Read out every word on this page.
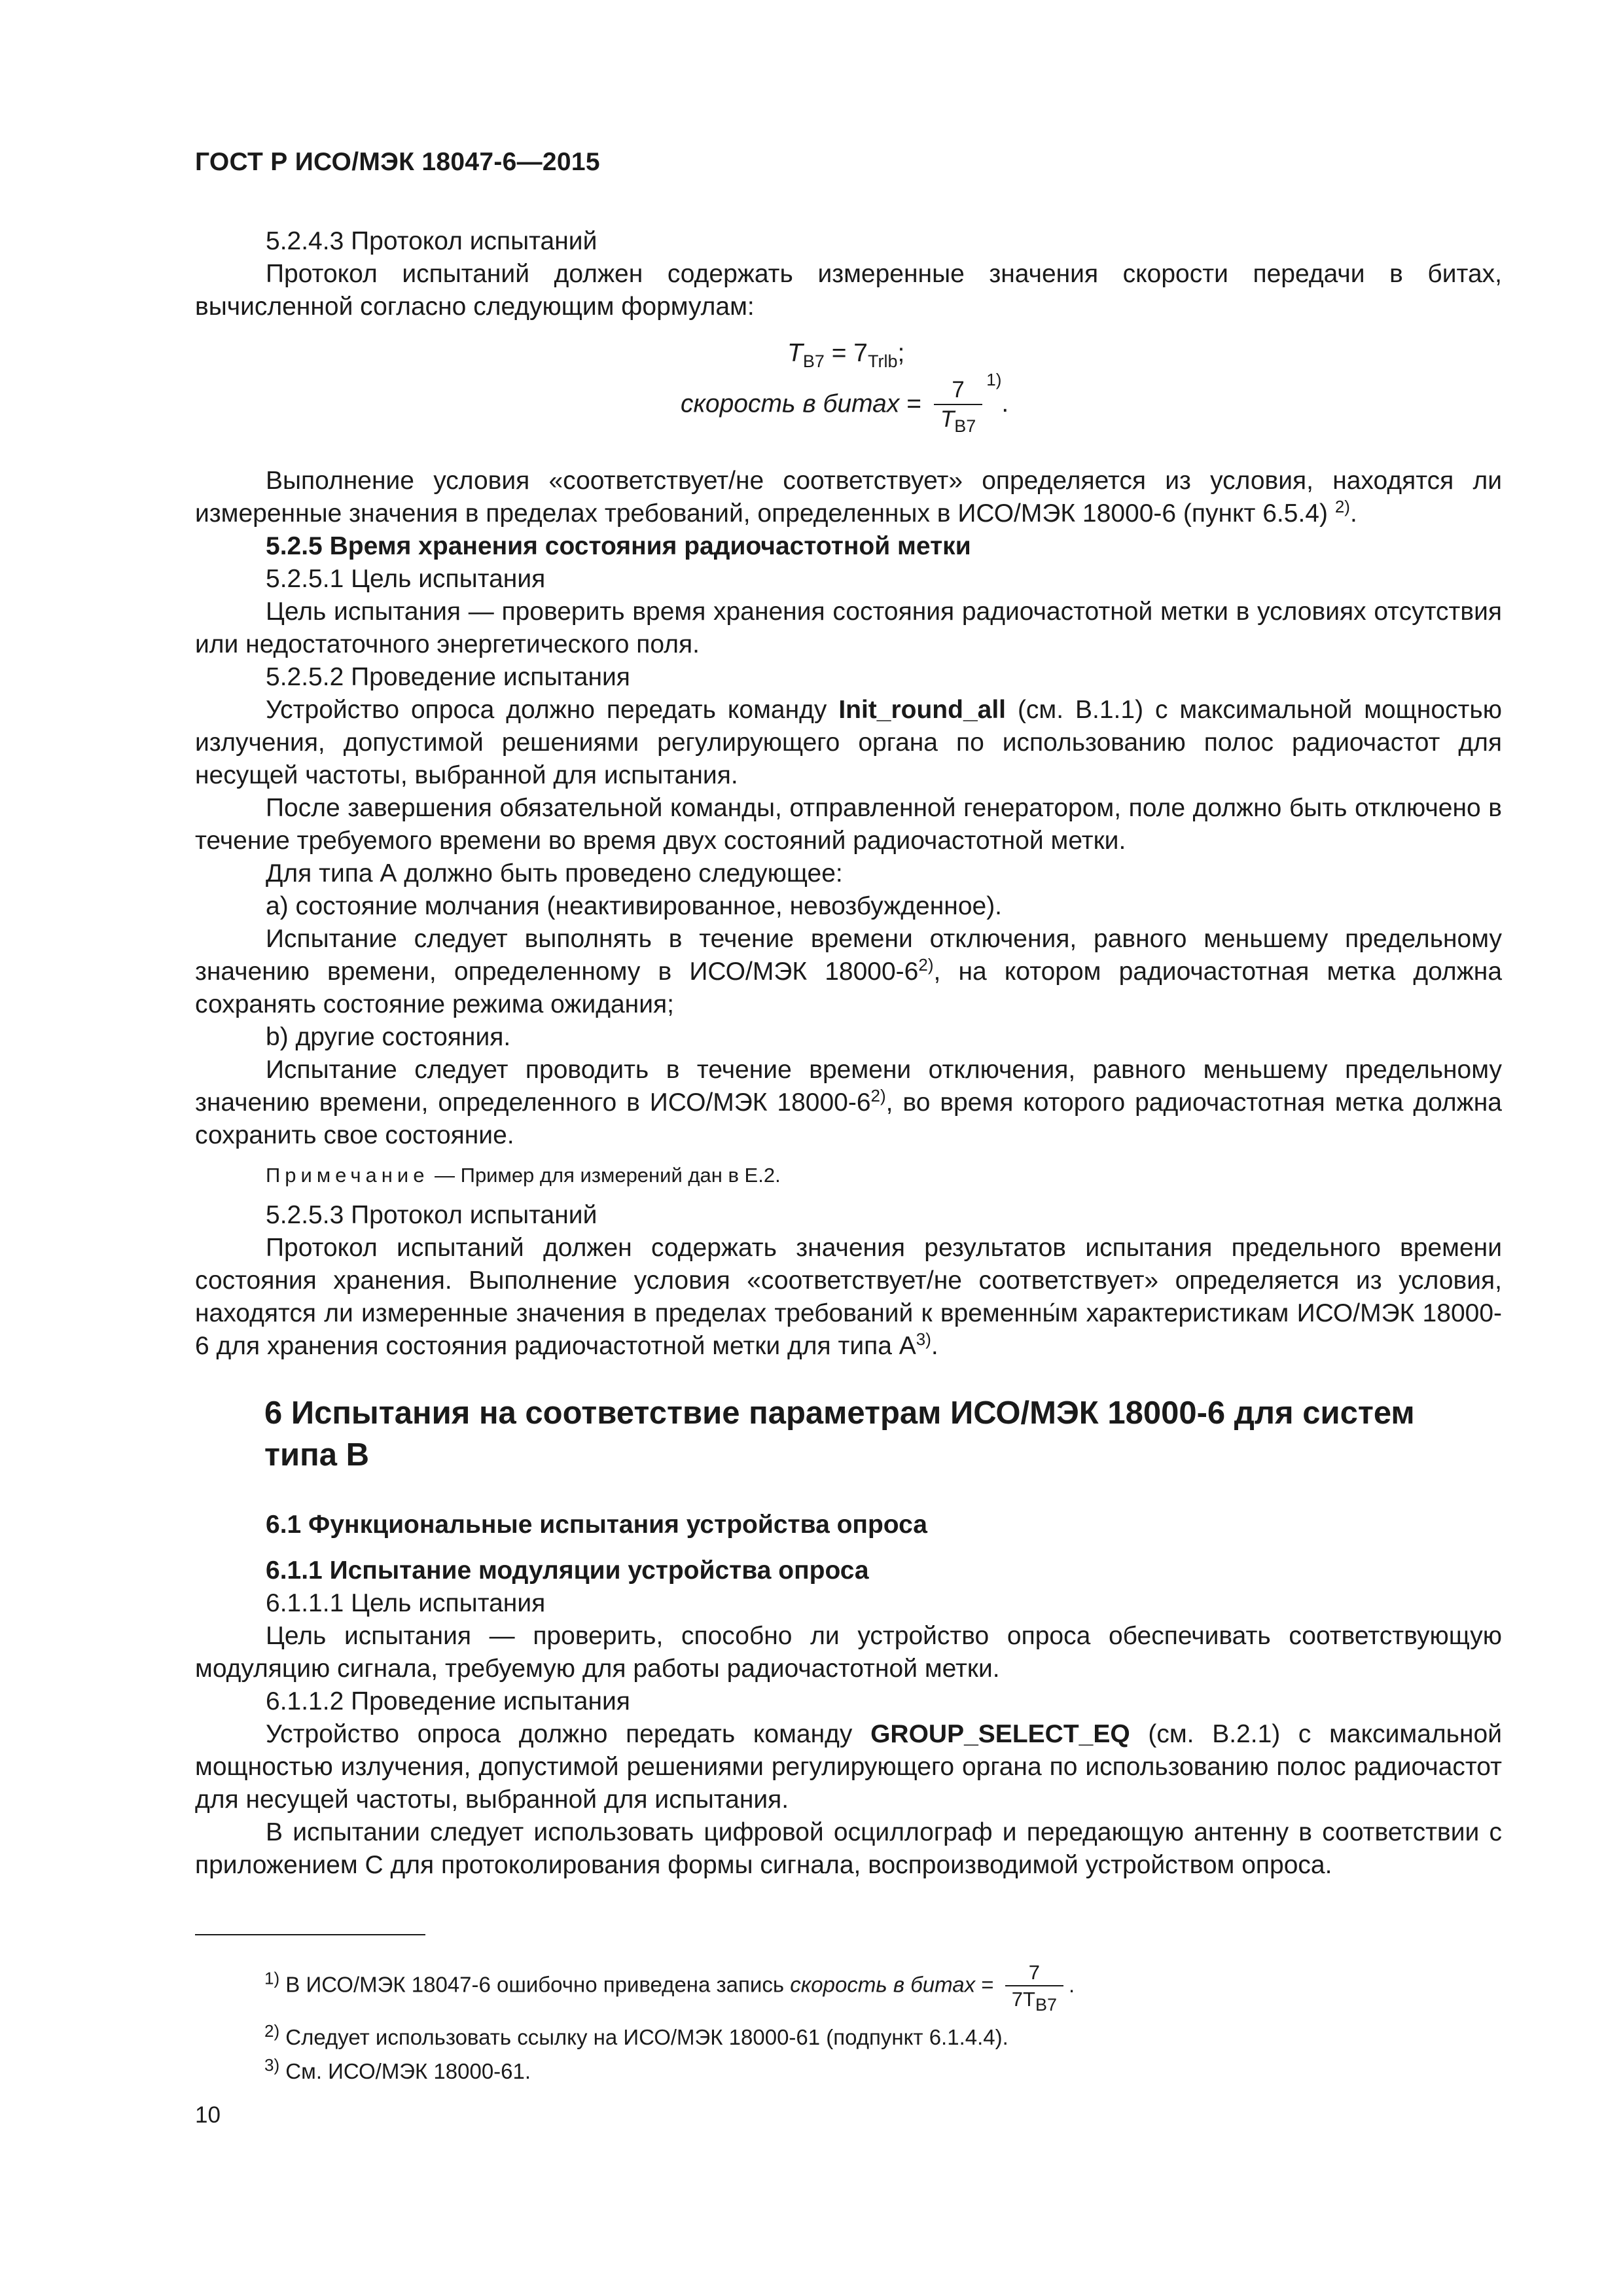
ГОСТ Р ИСО/МЭК 18047-6—2015

5.2.4.3 Протокол испытаний

Протокол испытаний должен содержать измеренные значения скорости передачи в битах, вычисленной согласно следующим формулам:

$T_{B7} = 7_{Trlb}$;
скорость в битах = $\frac{7}{T_{B7}} ^{1)}$.

Выполнение условия «соответствует/не соответствует» определяется из условия, находятся ли измеренные значения в пределах требований, определенных в ИСО/МЭК 18000-6 (пункт 6.5.4) $^{2)}$.

5.2.5 Время хранения состояния радиочастотной метки

5.2.5.1 Цель испытания

Цель испытания — проверить время хранения состояния радиочастотной метки в условиях отсутствия или недостаточного энергетического поля.

5.2.5.2 Проведение испытания

Устройство опроса должно передать команду Init_round_all (см. В.1.1) с максимальной мощностью излучения, допустимой решениями регулирующего органа по использованию полос радиочастот для несущей частоты, выбранной для испытания.

После завершения обязательной команды, отправленной генератором, поле должно быть отключено в течение требуемого времени во время двух состояний радиочастотной метки.

Для типа А должно быть проведено следующее:

a) состояние молчания (неактивированное, невозбужденное).

Испытание следует выполнять в течение времени отключения, равного меньшему предельному значению времени, определенному в ИСО/МЭК 18000-6$^{2)}$, на котором радиочастотная метка должна сохранять состояние режима ожидания;

b) другие состояния.

Испытание следует проводить в течение времени отключения, равного меньшему предельному значению времени, определенного в ИСО/МЭК 18000-6$^{2)}$, во время которого радиочастотная метка должна сохранить свое состояние.

Примечание — Пример для измерений дан в Е.2.

5.2.5.3 Протокол испытаний

Протокол испытаний должен содержать значения результатов испытания предельного времени состояния хранения. Выполнение условия «соответствует/не соответствует» определяется из условия, находятся ли измеренные значения в пределах требований к временны́м характеристикам ИСО/МЭК 18000-6 для хранения состояния радиочастотной метки для типа $А^{3)}$.

6 Испытания на соответствие параметрам ИСО/МЭК 18000-6 для систем типа В

6.1 Функциональные испытания устройства опроса

6.1.1 Испытание модуляции устройства опроса

6.1.1.1 Цель испытания

Цель испытания — проверить, способно ли устройство опроса обеспечивать соответствующую модуляцию сигнала, требуемую для работы радиочастотной метки.

6.1.1.2 Проведение испытания

Устройство опроса должно передать команду GROUP_SELECT_EQ (см. В.2.1) с максимальной мощностью излучения, допустимой решениями регулирующего органа по использованию полос радиочастот для несущей частоты, выбранной для испытания.

В испытании следует использовать цифровой осциллограф и передающую антенну в соответствии с приложением С для протоколирования формы сигнала, воспроизводимой устройством опроса.

$^{1)}$ В ИСО/МЭК 18047-6 ошибочно приведена запись скорость в битах = $\frac{7}{7T_{B7}}$ .
$^{2)}$ Следует использовать ссылку на ИСО/МЭК 18000-61 (подпункт 6.1.4.4).
$^{3)}$ См. ИСО/МЭК 18000-61.
10
